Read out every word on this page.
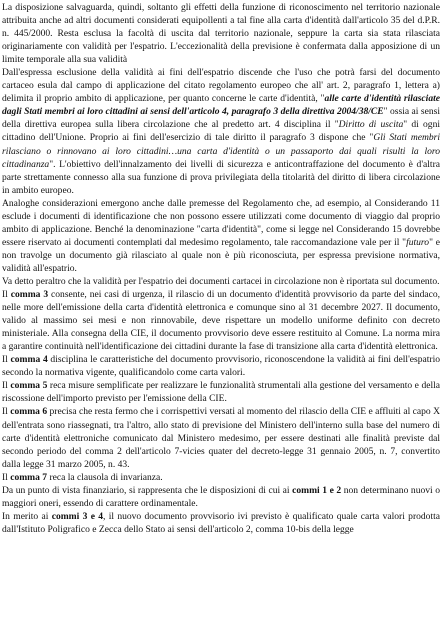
La disposizione salvaguarda, quindi, soltanto gli effetti della funzione di riconoscimento nel territorio nazionale attribuita anche ad altri documenti considerati equipollenti a tal fine alla carta d'identità dall'articolo 35 del d.P.R. n. 445/2000. Resta esclusa la facoltà di uscita dal territorio nazionale, seppure la carta sia stata rilasciata originariamente con validità per l'espatrio. L'eccezionalità della previsione è confermata dalla apposizione di un limite temporale alla sua validità

Dall'espressa esclusione della validità ai fini dell'espatrio discende che l'uso che potrà farsi del documento cartaceo esula dal campo di applicazione del citato regolamento europeo che all' art. 2, paragrafo 1, lettera a) delimita il proprio ambito di applicazione, per quanto concerne le carte d'identità, "alle carte d'identità rilasciate dagli Stati membri ai loro cittadini ai sensi dell'articolo 4, paragrafo 3 della direttiva 2004/38/CE" ossia ai sensi della direttiva europea sulla libera circolazione che al predetto art. 4 disciplina il "Diritto di uscita" di ogni cittadino dell'Unione. Proprio ai fini dell'esercizio di tale diritto il paragrafo 3 dispone che "Gli Stati membri rilasciano o rinnovano ai loro cittadini…una carta d'identità o un passaporto dai quali risulti la loro cittadinanza". L'obiettivo dell'innalzamento dei livelli di sicurezza e anticontraffazione del documento è d'altra parte strettamente connesso alla sua funzione di prova privilegiata della titolarità del diritto di libera circolazione in ambito europeo.

Analoghe considerazioni emergono anche dalle premesse del Regolamento che, ad esempio, al Considerando 11 esclude i documenti di identificazione che non possono essere utilizzati come documento di viaggio dal proprio ambito di applicazione. Benché la denominazione "carta d'identità", come si legge nel Considerando 15 dovrebbe essere riservato ai documenti contemplati dal medesimo regolamento, tale raccomandazione vale per il "futuro" e non travolge un documento già rilasciato al quale non è più riconosciuta, per espressa previsione normativa, validità all'espatrio.

Va detto peraltro che la validità per l'espatrio dei documenti cartacei in circolazione non è riportata sul documento.

Il comma 3 consente, nei casi di urgenza, il rilascio di un documento d'identità provvisorio da parte del sindaco, nelle more dell'emissione della carta d'identità elettronica e comunque sino al 31 decembre 2027. Il documento, valido al massimo sei mesi e non rinnovabile, deve rispettare un modello uniforme definito con decreto ministeriale. Alla consegna della CIE, il documento provvisorio deve essere restituito al Comune. La norma mira a garantire continuità nell'identificazione dei cittadini durante la fase di transizione alla carta d'identità elettronica.

Il comma 4 disciplina le caratteristiche del documento provvisorio, riconoscendone la validità ai fini dell'espatrio secondo la normativa vigente, qualificandolo come carta valori.

Il comma 5 reca misure semplificate per realizzare le funzionalità strumentali alla gestione del versamento e della riscossione dell'importo previsto per l'emissione della CIE.

Il comma 6 precisa che resta fermo che i corrispettivi versati al momento del rilascio della CIE e affluiti al capo X dell'entrata sono riassegnati, tra l'altro, allo stato di previsione del Ministero dell'interno sulla base del numero di carte d'identità elettroniche comunicato dal Ministero medesimo, per essere destinati alle finalità previste dal secondo periodo del comma 2 dell'articolo 7-vicies quater del decreto-legge 31 gennaio 2005, n. 7, convertito dalla legge 31 marzo 2005, n. 43.

Il comma 7 reca la clausola di invarianza.

Da un punto di vista finanziario, si rappresenta che le disposizioni di cui ai commi 1 e 2 non determinano nuovi o maggiori oneri, essendo di carattere ordinamentale.

In merito ai commi 3 e 4, il nuovo documento provvisorio ivi previsto è qualificato quale carta valori prodotta dall'Istituto Poligrafico e Zecca dello Stato ai sensi dell'articolo 2, comma 10-bis della legge
